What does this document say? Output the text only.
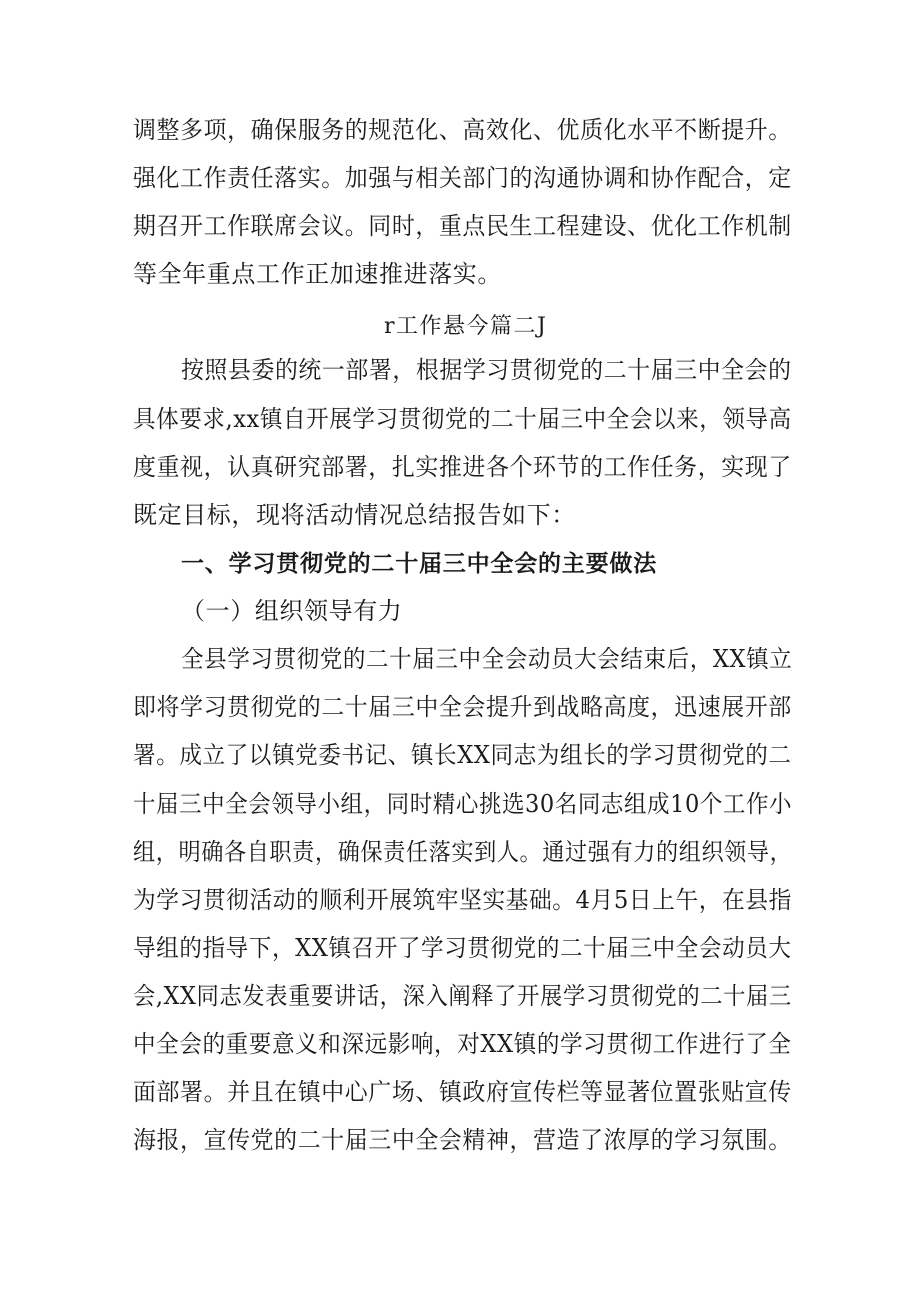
调整多项，确保服务的规范化、高效化、优质化水平不断提升。
强化工作责任落实。加强与相关部门的沟通协调和协作配合，定
期召开工作联席会议。同时，重点民生工程建设、优化工作机制
等全年重点工作正加速推进落实。
r工作悬今篇二J
按照县委的统一部署，根据学习贯彻党的二十届三中全会的
具体要求,xx镇自开展学习贯彻党的二十届三中全会以来，领导高
度重视，认真研究部署，扎实推进各个环节的工作任务，实现了
既定目标，现将活动情况总结报告如下：
一、学习贯彻党的二十届三中全会的主要做法
（一）组织领导有力
全县学习贯彻党的二十届三中全会动员大会结束后，XX镇立
即将学习贯彻党的二十届三中全会提升到战略高度，迅速展开部
署。成立了以镇党委书记、镇长XX同志为组长的学习贯彻党的二
十届三中全会领导小组，同时精心挑选30名同志组成10个工作小
组，明确各自职责，确保责任落实到人。通过强有力的组织领导，
为学习贯彻活动的顺利开展筑牢坚实基础。4月5日上午，在县指
导组的指导下，XX镇召开了学习贯彻党的二十届三中全会动员大
会,XX同志发表重要讲话，深入阐释了开展学习贯彻党的二十届三
中全会的重要意义和深远影响，对XX镇的学习贯彻工作进行了全
面部署。并且在镇中心广场、镇政府宣传栏等显著位置张贴宣传
海报，宣传党的二十届三中全会精神，营造了浓厚的学习氛围。
